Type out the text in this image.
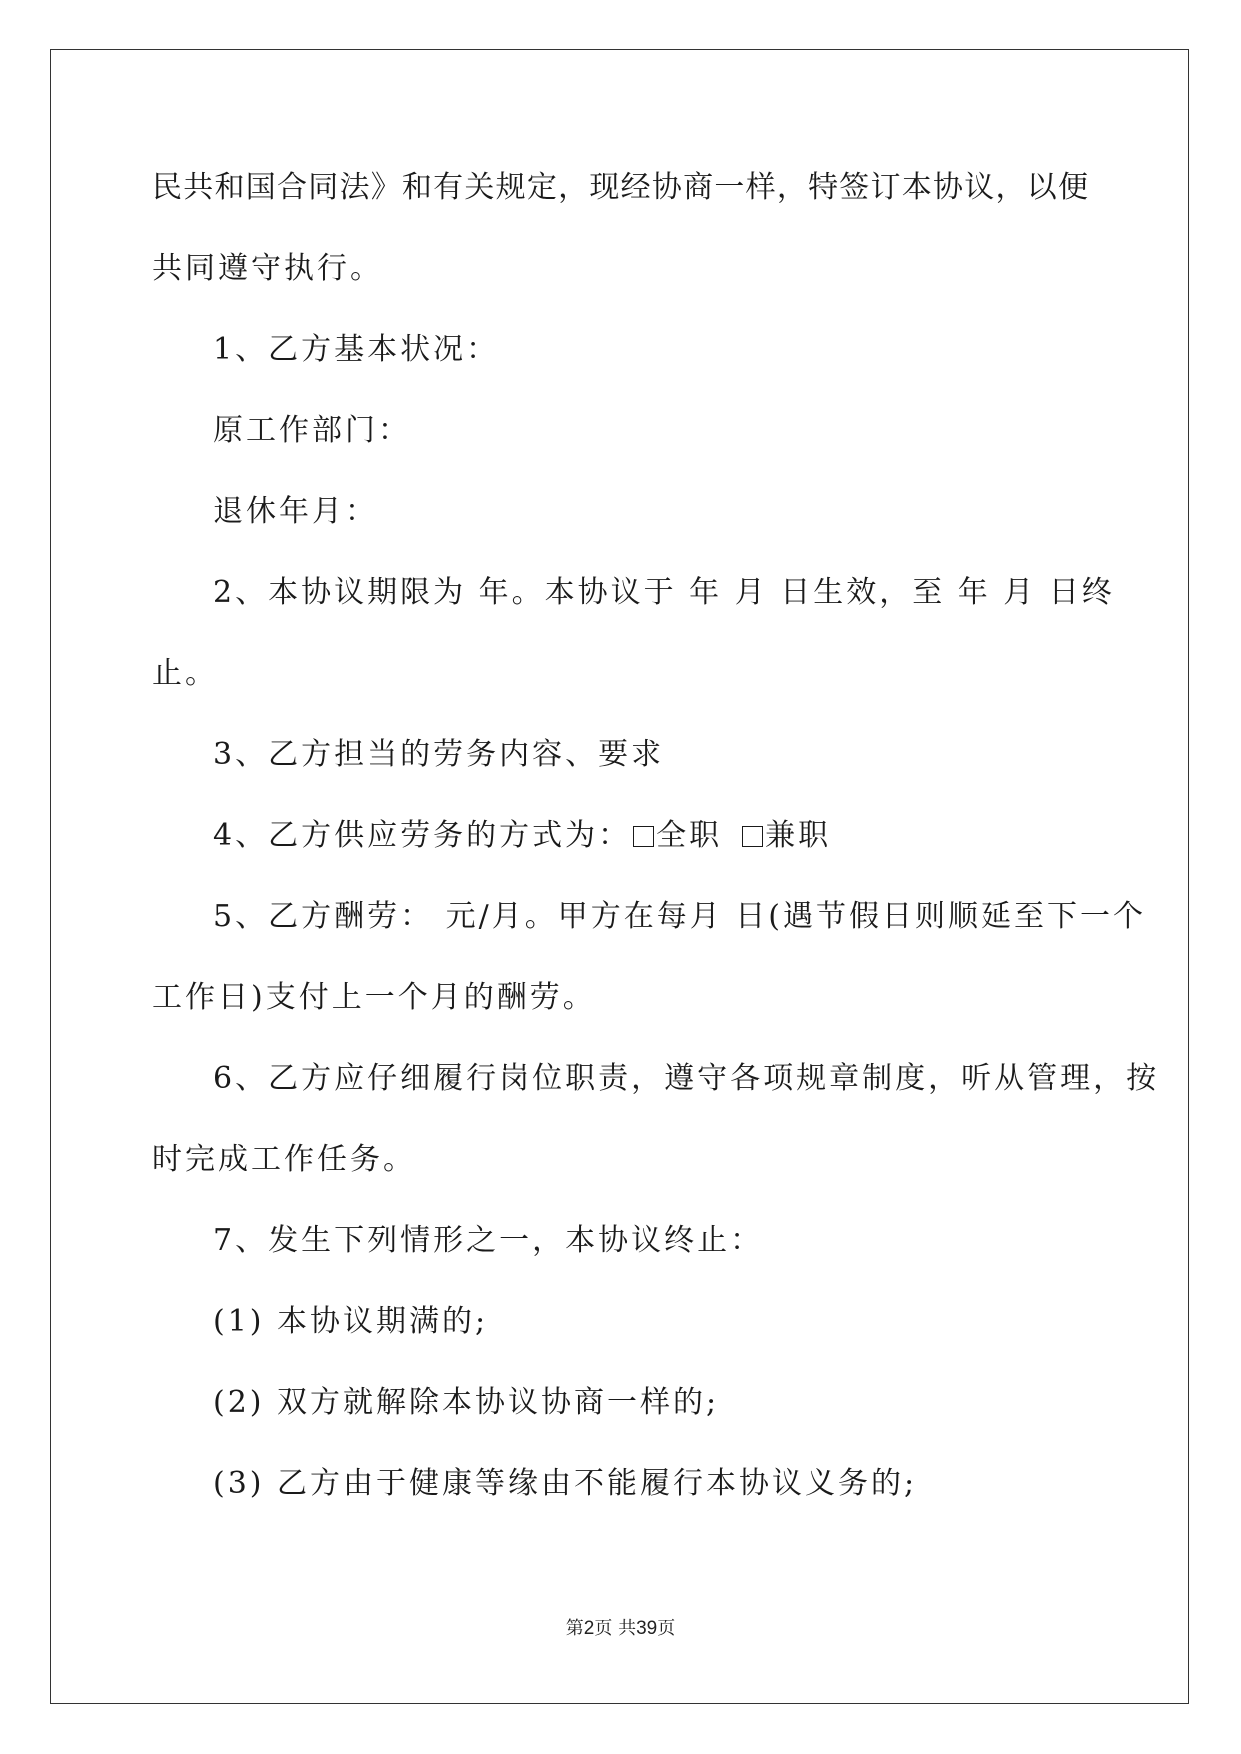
民共和国合同法》和有关规定，现经协商一样，特签订本协议，以便
共同遵守执行。
1、乙方基本状况：
原工作部门：
退休年月：
2、本协议期限为 年。本协议于 年 月 日生效，至 年 月 日终
止。
3、乙方担当的劳务内容、要求
4、乙方供应劳务的方式为： 全职 兼职
5、乙方酬劳： 元/月。甲方在每月 日(遇节假日则顺延至下一个
工作日)支付上一个月的酬劳。
6、乙方应仔细履行岗位职责，遵守各项规章制度，听从管理，按
时完成工作任务。
7、发生下列情形之一，本协议终止：
(1) 本协议期满的;
(2) 双方就解除本协议协商一样的;
(3) 乙方由于健康等缘由不能履行本协议义务的;
第2页 共39页
